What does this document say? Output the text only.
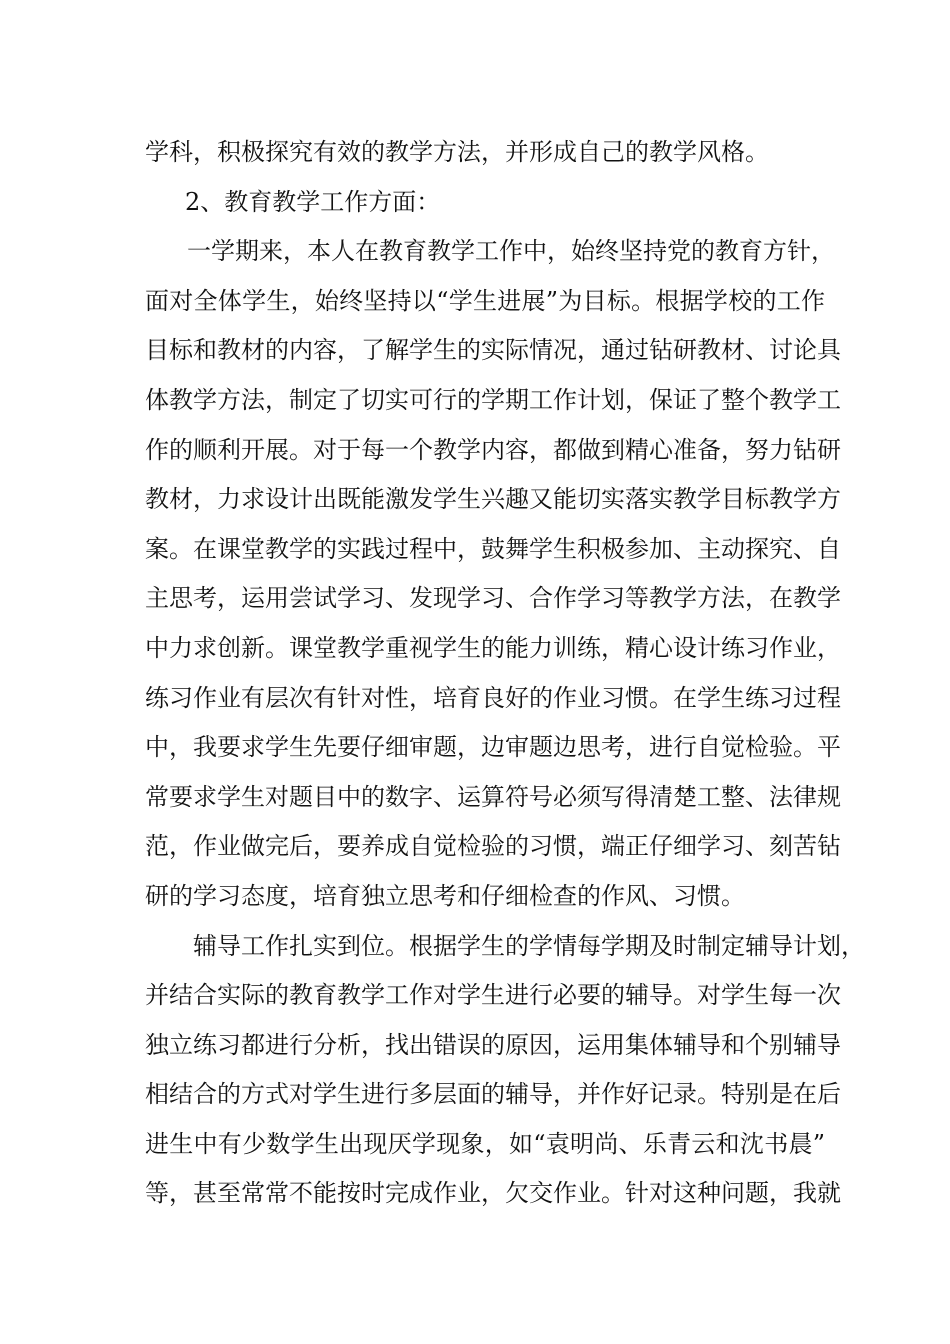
学科，积极探究有效的教学方法，并形成自己的教学风格。
2、教育教学工作方面：
一学期来，本人在教育教学工作中，始终坚持党的教育方针，
面对全体学生，始终坚持以“学生进展”为目标。根据学校的工作
目标和教材的内容，了解学生的实际情况，通过钻研教材、讨论具
体教学方法，制定了切实可行的学期工作计划，保证了整个教学工
作的顺利开展。对于每一个教学内容，都做到精心准备，努力钻研
教材，力求设计出既能激发学生兴趣又能切实落实教学目标教学方
案。在课堂教学的实践过程中，鼓舞学生积极参加、主动探究、自
主思考，运用尝试学习、发现学习、合作学习等教学方法，在教学
中力求创新。课堂教学重视学生的能力训练，精心设计练习作业，
练习作业有层次有针对性，培育良好的作业习惯。在学生练习过程
中，我要求学生先要仔细审题，边审题边思考，进行自觉检验。平
常要求学生对题目中的数字、运算符号必须写得清楚工整、法律规
范，作业做完后，要养成自觉检验的习惯，端正仔细学习、刻苦钻
研的学习态度，培育独立思考和仔细检查的作风、习惯。
辅导工作扎实到位。根据学生的学情每学期及时制定辅导计划，
并结合实际的教育教学工作对学生进行必要的辅导。对学生每一次
独立练习都进行分析，找出错误的原因，运用集体辅导和个别辅导
相结合的方式对学生进行多层面的辅导，并作好记录。特别是在后
进生中有少数学生出现厌学现象，如“袁明尚、乐青云和沈书晨”
等，甚至常常不能按时完成作业，欠交作业。针对这种问题，我就
